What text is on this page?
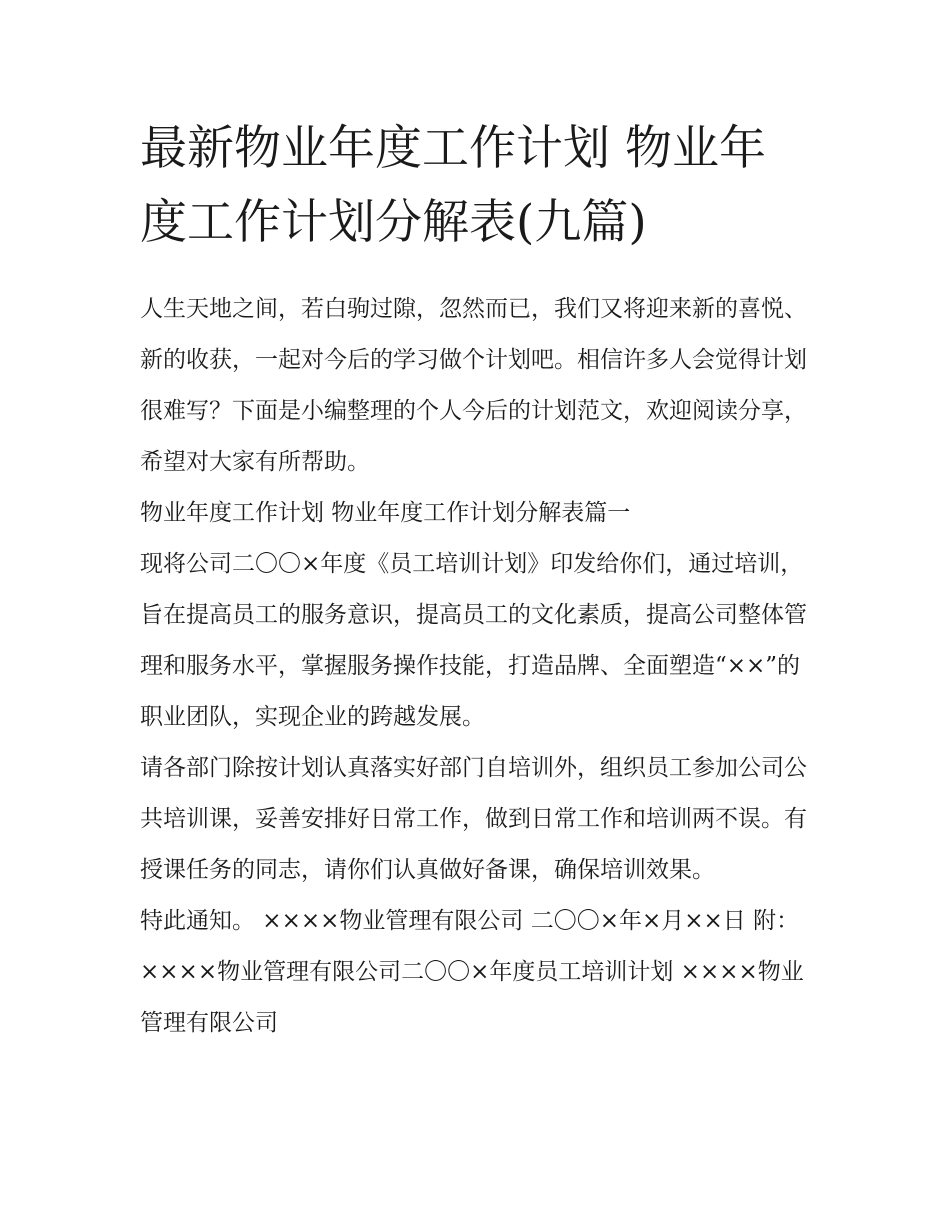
最新物业年度工作计划 物业年度工作计划分解表(九篇)

人生天地之间，若白驹过隙，忽然而已，我们又将迎来新的喜悦、新的收获，一起对今后的学习做个计划吧。相信许多人会觉得计划很难写？下面是小编整理的个人今后的计划范文，欢迎阅读分享，希望对大家有所帮助。

物业年度工作计划 物业年度工作计划分解表篇一

现将公司二〇〇×年度《员工培训计划》印发给你们，通过培训，旨在提高员工的服务意识，提高员工的文化素质，提高公司整体管理和服务水平，掌握服务操作技能，打造品牌、全面塑造“××”的职业团队，实现企业的跨越发展。

请各部门除按计划认真落实好部门自培训外，组织员工参加公司公共培训课，妥善安排好日常工作，做到日常工作和培训两不误。有授课任务的同志，请你们认真做好备课，确保培训效果。

特此通知。 ××××物业管理有限公司 二〇〇×年×月××日 附：××××物业管理有限公司二〇〇×年度员工培训计划 ××××物业管理有限公司
